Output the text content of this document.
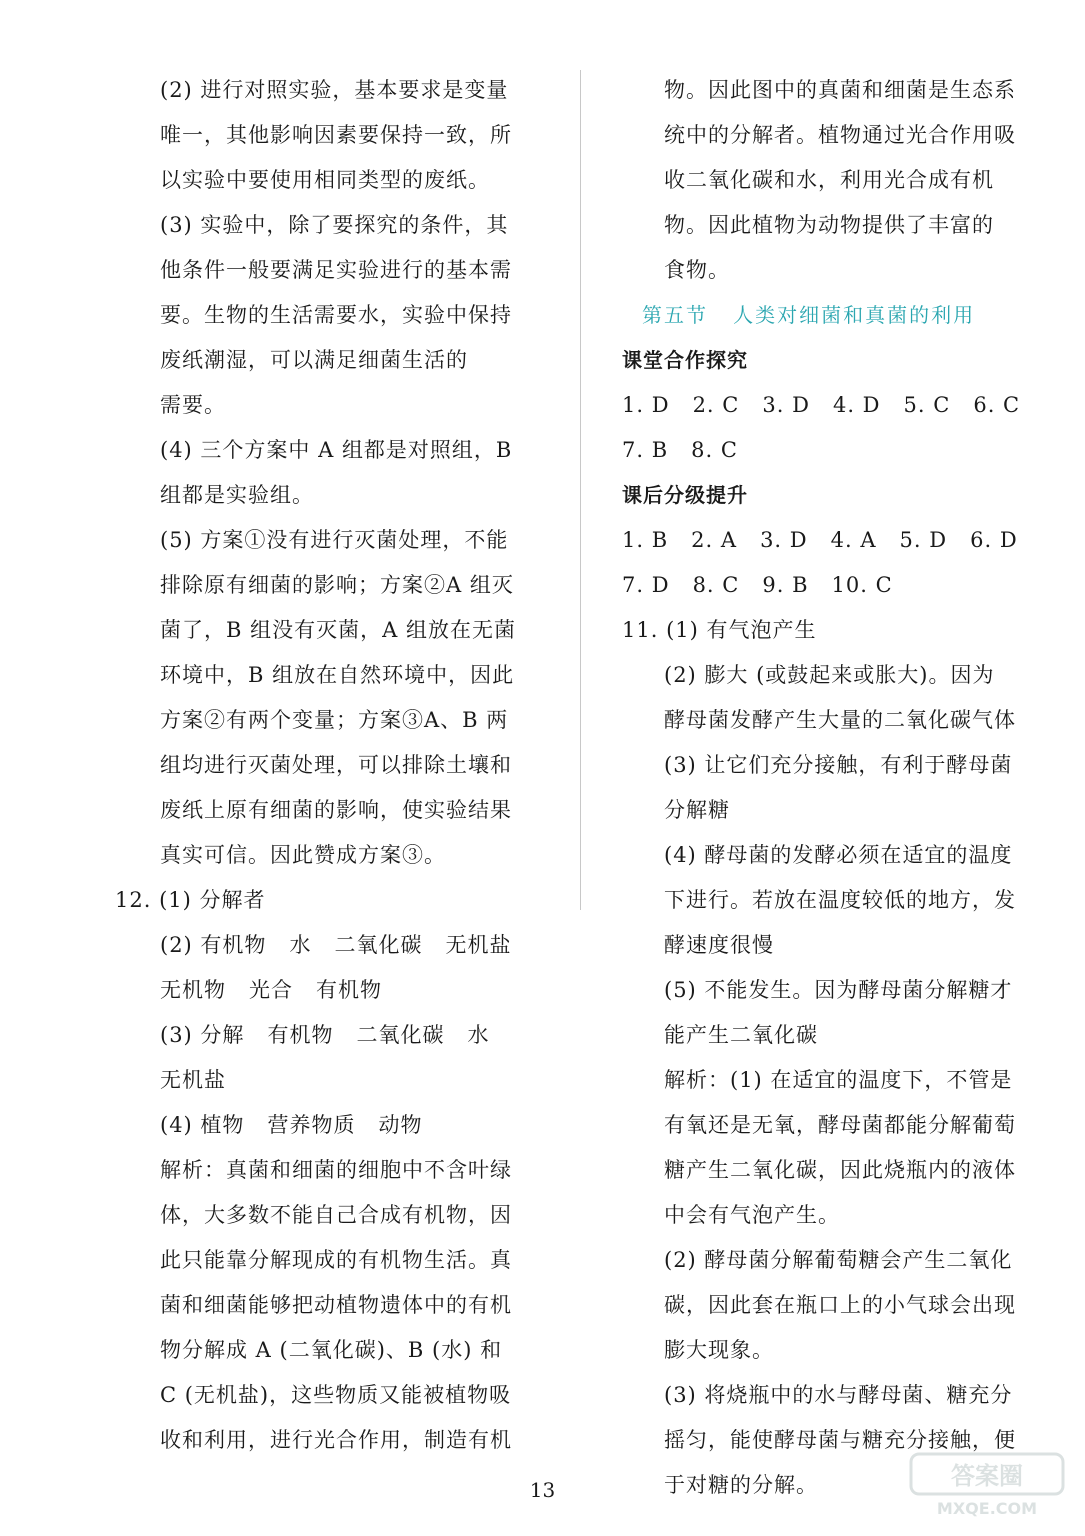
(2) 进行对照实验，基本要求是变量
唯一，其他影响因素要保持一致，所
以实验中要使用相同类型的废纸。
(3) 实验中，除了要探究的条件，其
他条件一般要满足实验进行的基本需
要。生物的生活需要水，实验中保持
废纸潮湿，可以满足细菌生活的
需要。
(4) 三个方案中 A 组都是对照组，B
组都是实验组。
(5) 方案①没有进行灭菌处理，不能
排除原有细菌的影响；方案②A 组灭
菌了，B 组没有灭菌，A 组放在无菌
环境中，B 组放在自然环境中，因此
方案②有两个变量；方案③A、B 两
组均进行灭菌处理，可以排除土壤和
废纸上原有细菌的影响，使实验结果
真实可信。因此赞成方案③。
12. (1) 分解者
(2) 有机物   水   二氧化碳   无机盐
无机物   光合   有机物
(3) 分解   有机物   二氧化碳   水
无机盐
(4) 植物   营养物质   动物
解析：真菌和细菌的细胞中不含叶绿
体，大多数不能自己合成有机物，因
此只能靠分解现成的有机物生活。真
菌和细菌能够把动植物遗体中的有机
物分解成 A (二氧化碳)、B (水) 和
C (无机盐)，这些物质又能被植物吸
收和利用，进行光合作用，制造有机
物。因此图中的真菌和细菌是生态系
统中的分解者。植物通过光合作用吸
收二氧化碳和水，利用光合成有机
物。因此植物为动物提供了丰富的
食物。
第五节   人类对细菌和真菌的利用
课堂合作探究
1. D   2. C   3. D   4. D   5. C   6. C
7. B   8. C
课后分级提升
1. B   2. A   3. D   4. A   5. D   6. D
7. D   8. C   9. B   10. C
11. (1) 有气泡产生
(2) 膨大 (或鼓起来或胀大)。因为
酵母菌发酵产生大量的二氧化碳气体
(3) 让它们充分接触，有利于酵母菌
分解糖
(4) 酵母菌的发酵必须在适宜的温度
下进行。若放在温度较低的地方，发
酵速度很慢
(5) 不能发生。因为酵母菌分解糖才
能产生二氧化碳
解析：(1) 在适宜的温度下，不管是
有氧还是无氧，酵母菌都能分解葡萄
糖产生二氧化碳，因此烧瓶内的液体
中会有气泡产生。
(2) 酵母菌分解葡萄糖会产生二氧化
碳，因此套在瓶口上的小气球会出现
膨大现象。
(3) 将烧瓶中的水与酵母菌、糖充分
摇匀，能使酵母菌与糖充分接触，便
于对糖的分解。
13	答案圈
MXQE.COM
